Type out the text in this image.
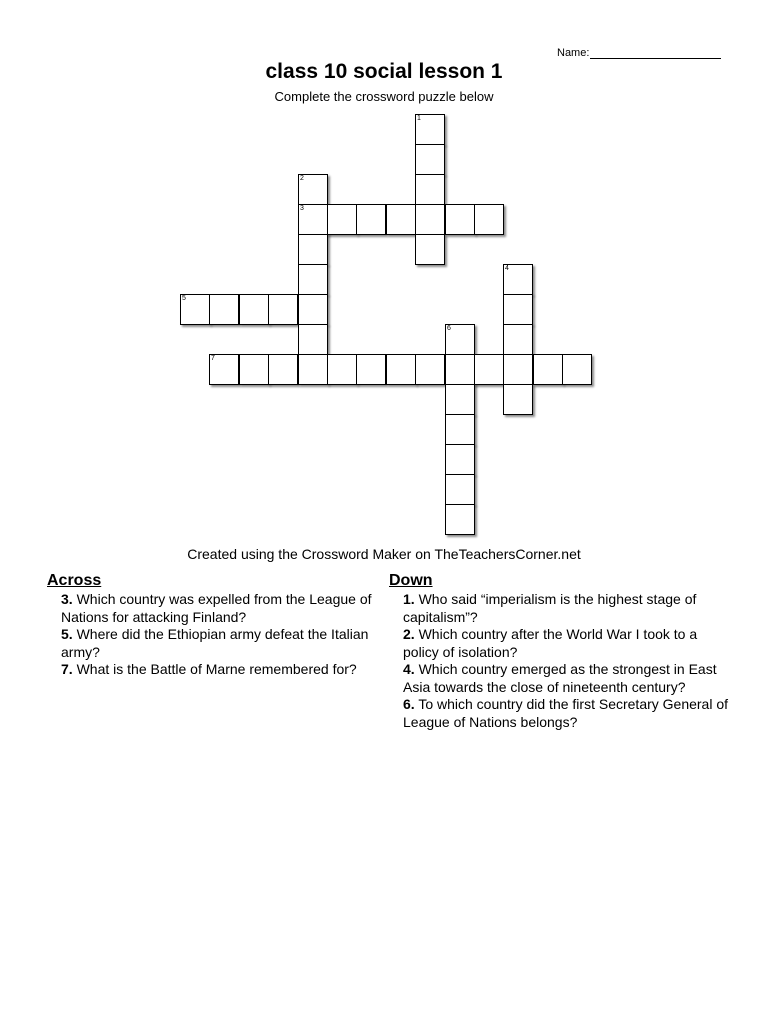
Name:
class 10 social lesson 1
Complete the crossword puzzle below
1
2
3
4
5
6
7
Created using the Crossword Maker on TheTeachersCorner.net
Across
3. Which country was expelled from the League of Nations for attacking Finland?
5. Where did the Ethiopian army defeat the Italian army?
7. What is the Battle of Marne remembered for?
Down
1. Who said “imperialism is the highest stage of capitalism”?
2. Which country after the World War I took to a policy of isolation?
4. Which country emerged as the strongest in East Asia towards the close of nineteenth century?
6. To which country did the first Secretary General of League of Nations belongs?
